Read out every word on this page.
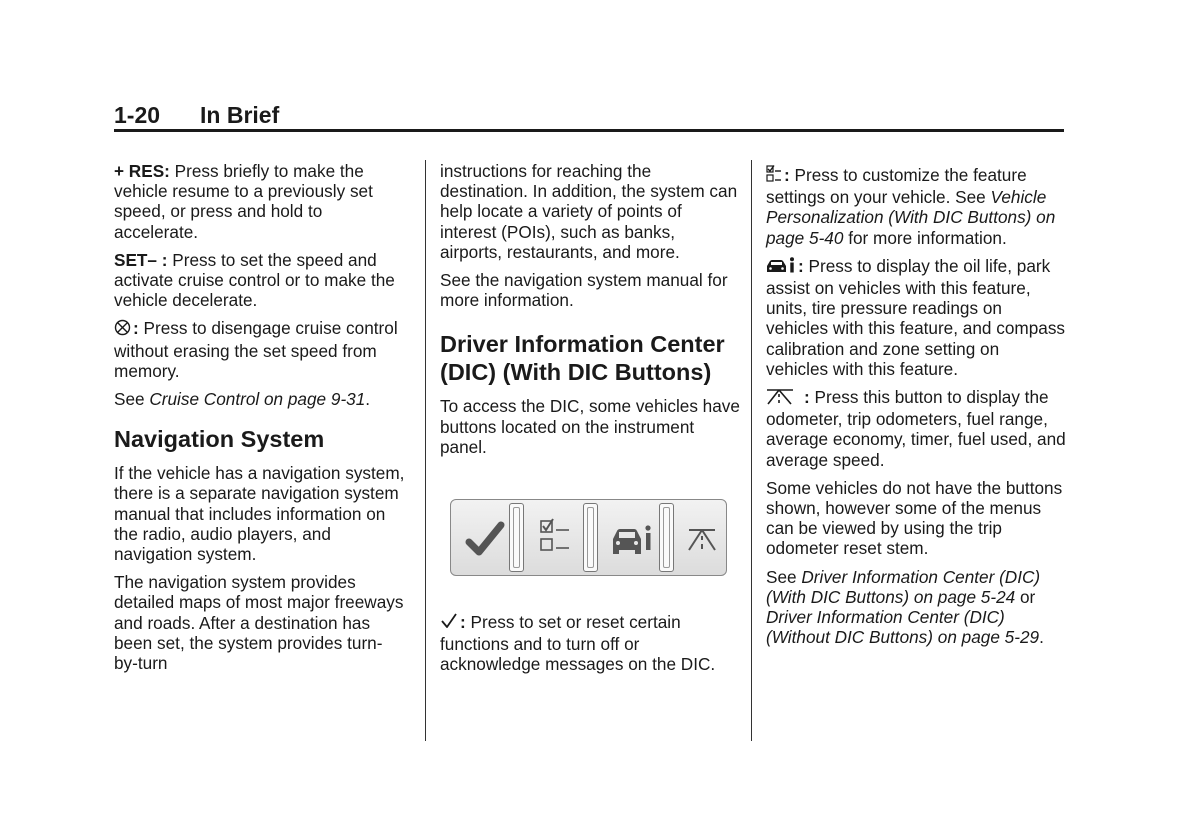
1-20 In Brief

+ RES: Press briefly to make the vehicle resume to a previously set speed, or press and hold to accelerate.

SET– : Press to set the speed and activate cruise control or to make the vehicle decelerate.

: Press to disengage cruise control without erasing the set speed from memory.

See Cruise Control on page 9-31.

Navigation System

If the vehicle has a navigation system, there is a separate navigation system manual that includes information on the radio, audio players, and navigation system.

The navigation system provides detailed maps of most major freeways and roads. After a destination has been set, the system provides turn-by-turn

instructions for reaching the destination. In addition, the system can help locate a variety of points of interest (POIs), such as banks, airports, restaurants, and more.

See the navigation system manual for more information.

Driver Information Center (DIC) (With DIC Buttons)

To access the DIC, some vehicles have buttons located on the instrument panel.

: Press to set or reset certain functions and to turn off or acknowledge messages on the DIC.

: Press to customize the feature settings on your vehicle. See Vehicle Personalization (With DIC Buttons) on page 5-40 for more information.

: Press to display the oil life, park assist on vehicles with this feature, units, tire pressure readings on vehicles with this feature, and compass calibration and zone setting on vehicles with this feature.

: Press this button to display the odometer, trip odometers, fuel range, average economy, timer, fuel used, and average speed.

Some vehicles do not have the buttons shown, however some of the menus can be viewed by using the trip odometer reset stem.

See Driver Information Center (DIC) (With DIC Buttons) on page 5-24 or Driver Information Center (DIC) (Without DIC Buttons) on page 5-29.
